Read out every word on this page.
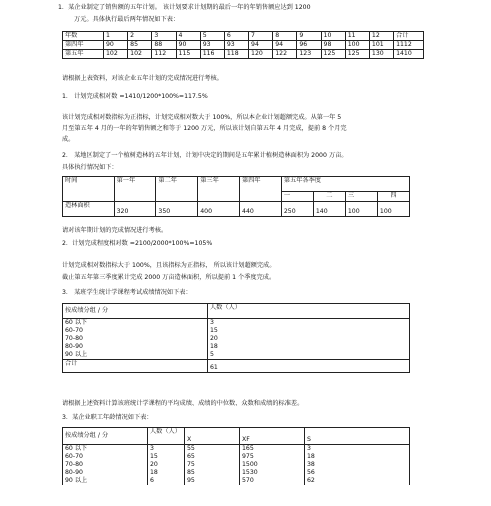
1．某企业制定了销售额的五年计划。 该计划要求计划期的最后一年的年销售额应达到 1200
万元。具体执行最后两年情况如下表：
年数	1	2	3	4	5	6	7	8	9	10	11	12	合计
第四年	90	85	88	90	93	93	94	94	96	98	100	101	1112
第五年	102	102	112	115	116	118	120	122	123	125	125	130	1410
请根据上表资料，对该企业五年计划的完成情况进行考核。
1． 计划完成相对数 =1410/1200*100%=117.5%
该计划完成相对数指标为正指标，计划完成相对数大于 100%，所以本企业计划超额完成。从第一年 5
月至第五年 4 月的一年的年销售额之和等于 1200 万元，所以该计划自第五年 4 月完成，提前 8 个月完
成。
2． 某地区制定了一个植树造林的五年计划，计划中决定的期间是五年累计植树造林面积为 2000 万亩。
具体执行情况如下：
时间	第一年	第二年	第三年	第四年	第五年各季度			
					一	二	三	四
造林面积	320	350	400	440	250	140	100	100
请对该年期计划的完成情况进行考核。
2．计划完成程度相对数 =2100/2000*100%=105%
计划完成相对数指标大于 100%，且该指标为正指标， 所以该计划超额完成。
截止第五年第三季度累计完成 2000 万亩造林面积，所以提前 1 个季度完成。
3． 某班学生统计学课程考试成绩情况如下表：
按成绩分组 / 分	人数（人）
60 以下	3
60-70	15
70-80	20
80-90	18
90 以上	5
合计	61
请根据上述资料计算该班统计学课程的平均成绩、成绩的中位数、众数和成绩的标准差。
3．某企业职工年龄情况如下表：
按成绩分组 / 分	人数（人）	X	XF	S
60 以下	3	55	165	3
60-70	15	65	975	18
70-80	20	75	1500	38
80-90	18	85	1530	56
90 以上	6	95	570	62
